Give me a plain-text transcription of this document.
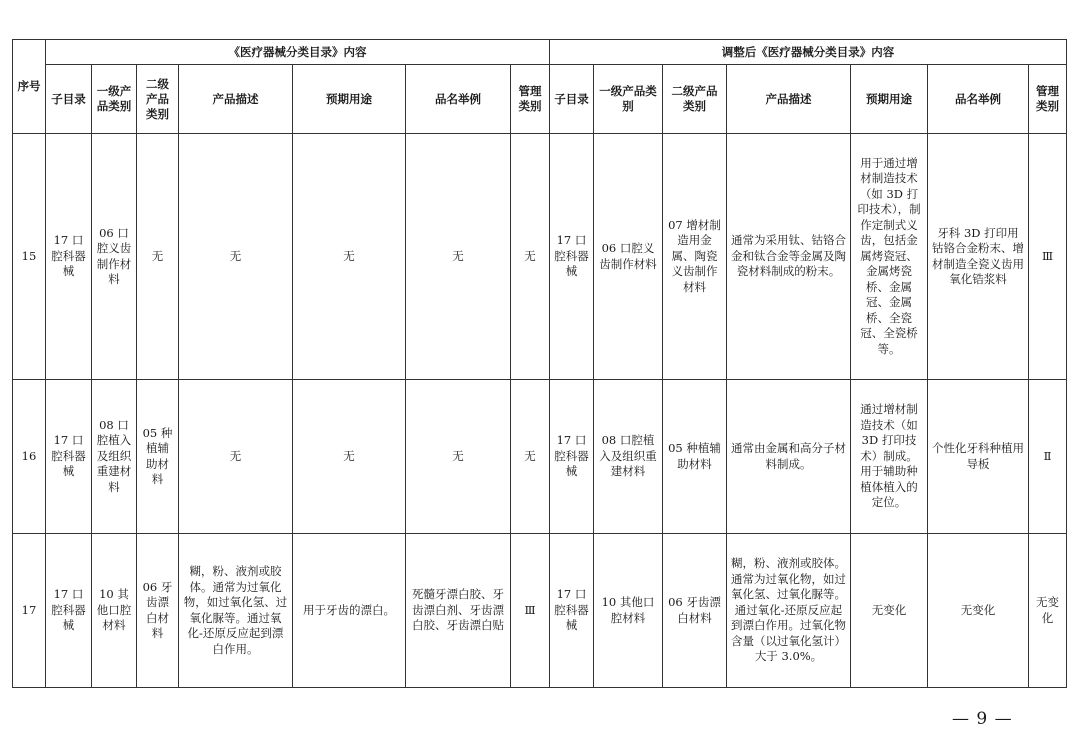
序号	《医疗器械分类目录》内容							调整后《医疗器械分类目录》内容						
	子目录	一级产品类别	二级产品类别	产品描述	预期用途	品名举例	管理类别	子目录	一级产品类别	二级产品类别	产品描述	预期用途	品名举例	管理类别
15	17 口腔科器械	06 口腔义齿制作材料	无	无	无	无	无	17 口腔科器械	06 口腔义齿制作材料	07 增材制造用金属、陶瓷义齿制作材料	通常为采用钛、钴铬合金和钛合金等金属及陶瓷材料制成的粉末。	用于通过增材制造技术（如 3D 打印技术），制作定制式义齿，包括金属烤瓷冠、金属烤瓷桥、金属冠、金属桥、全瓷冠、全瓷桥等。	牙科 3D 打印用钴铬合金粉末、增材制造全瓷义齿用氧化锆浆料	Ⅲ
16	17 口腔科器械	08 口腔植入及组织重建材料	05 种植辅助材料	无	无	无	无	17 口腔科器械	08 口腔植入及组织重建材料	05 种植辅助材料	通常由金属和高分子材料制成。	通过增材制造技术（如 3D 打印技术）制成。用于辅助种植体植入的定位。	个性化牙科种植用导板	Ⅱ
17	17 口腔科器械	10 其他口腔材料	06 牙齿漂白材料	糊，粉、液剂或胶体。通常为过氧化物，如过氧化氢、过氧化脲等。通过氧化-还原反应起到漂白作用。	用于牙齿的漂白。	死髓牙漂白胶、牙齿漂白剂、牙齿漂白胶、牙齿漂白贴	Ⅲ	17 口腔科器械	10 其他口腔材料	06 牙齿漂白材料	糊，粉、液剂或胶体。通常为过氧化物，如过氧化氢、过氧化脲等。通过氧化-还原反应起到漂白作用。过氧化物含量（以过氧化氢计）大于 3.0%。	无变化	无变化	无变化
— 9 —
